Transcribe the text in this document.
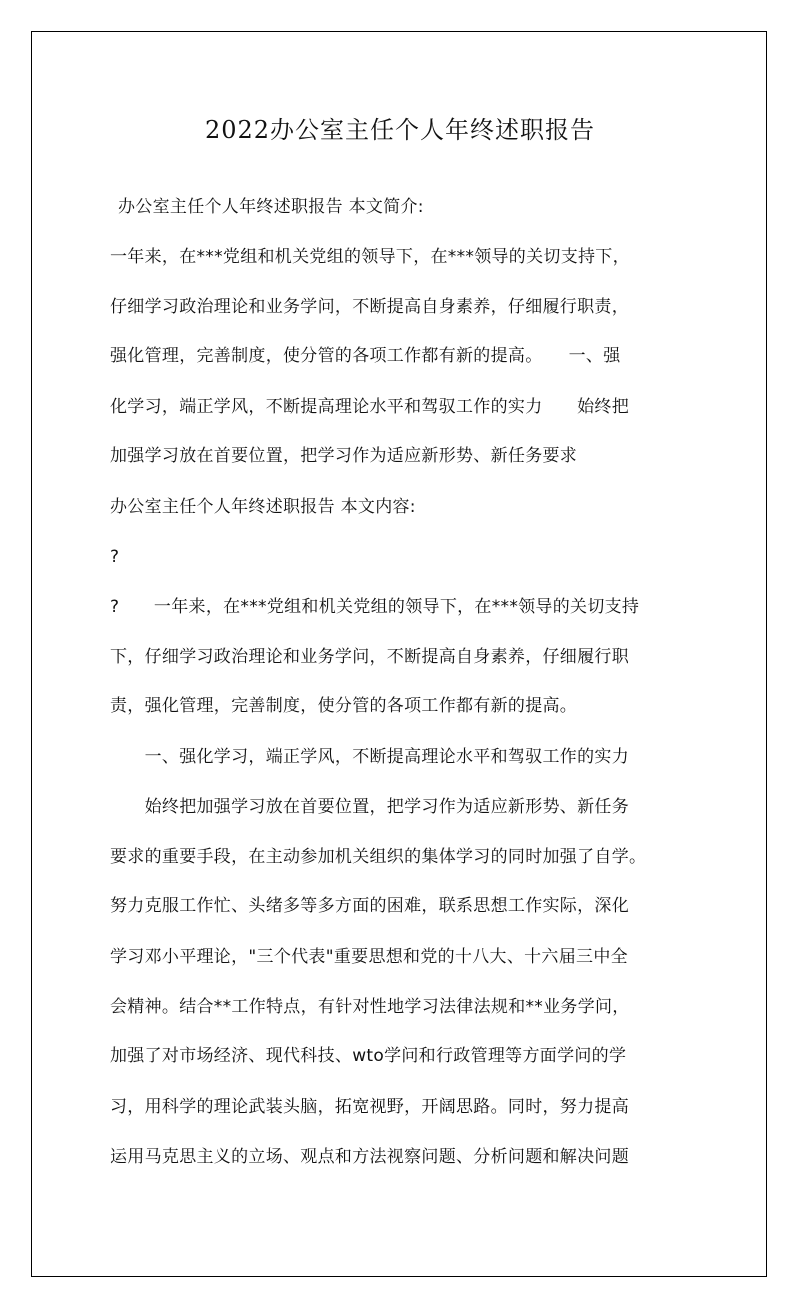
2022办公室主任个人年终述职报告
办公室主任个人年终述职报告 本文简介:
一年来，在***党组和机关党组的领导下，在***领导的关切支持下，
仔细学习政治理论和业务学问，不断提高自身素养，仔细履行职责，
强化管理，完善制度，使分管的各项工作都有新的提高。　　一、强
化学习，端正学风，不断提高理论水平和驾驭工作的实力　　始终把
加强学习放在首要位置，把学习作为适应新形势、新任务要求
办公室主任个人年终述职报告 本文内容:
?
?　　一年来，在***党组和机关党组的领导下，在***领导的关切支持
下，仔细学习政治理论和业务学问，不断提高自身素养，仔细履行职
责，强化管理，完善制度，使分管的各项工作都有新的提高。
　　一、强化学习，端正学风，不断提高理论水平和驾驭工作的实力
　　始终把加强学习放在首要位置，把学习作为适应新形势、新任务
要求的重要手段，在主动参加机关组织的集体学习的同时加强了自学。
努力克服工作忙、头绪多等多方面的困难，联系思想工作实际，深化
学习邓小平理论，"三个代表"重要思想和党的十八大、十六届三中全
会精神。结合**工作特点，有针对性地学习法律法规和**业务学问，
加强了对市场经济、现代科技、wto学问和行政管理等方面学问的学
习，用科学的理论武装头脑，拓宽视野，开阔思路。同时，努力提高
运用马克思主义的立场、观点和方法视察问题、分析问题和解决问题
